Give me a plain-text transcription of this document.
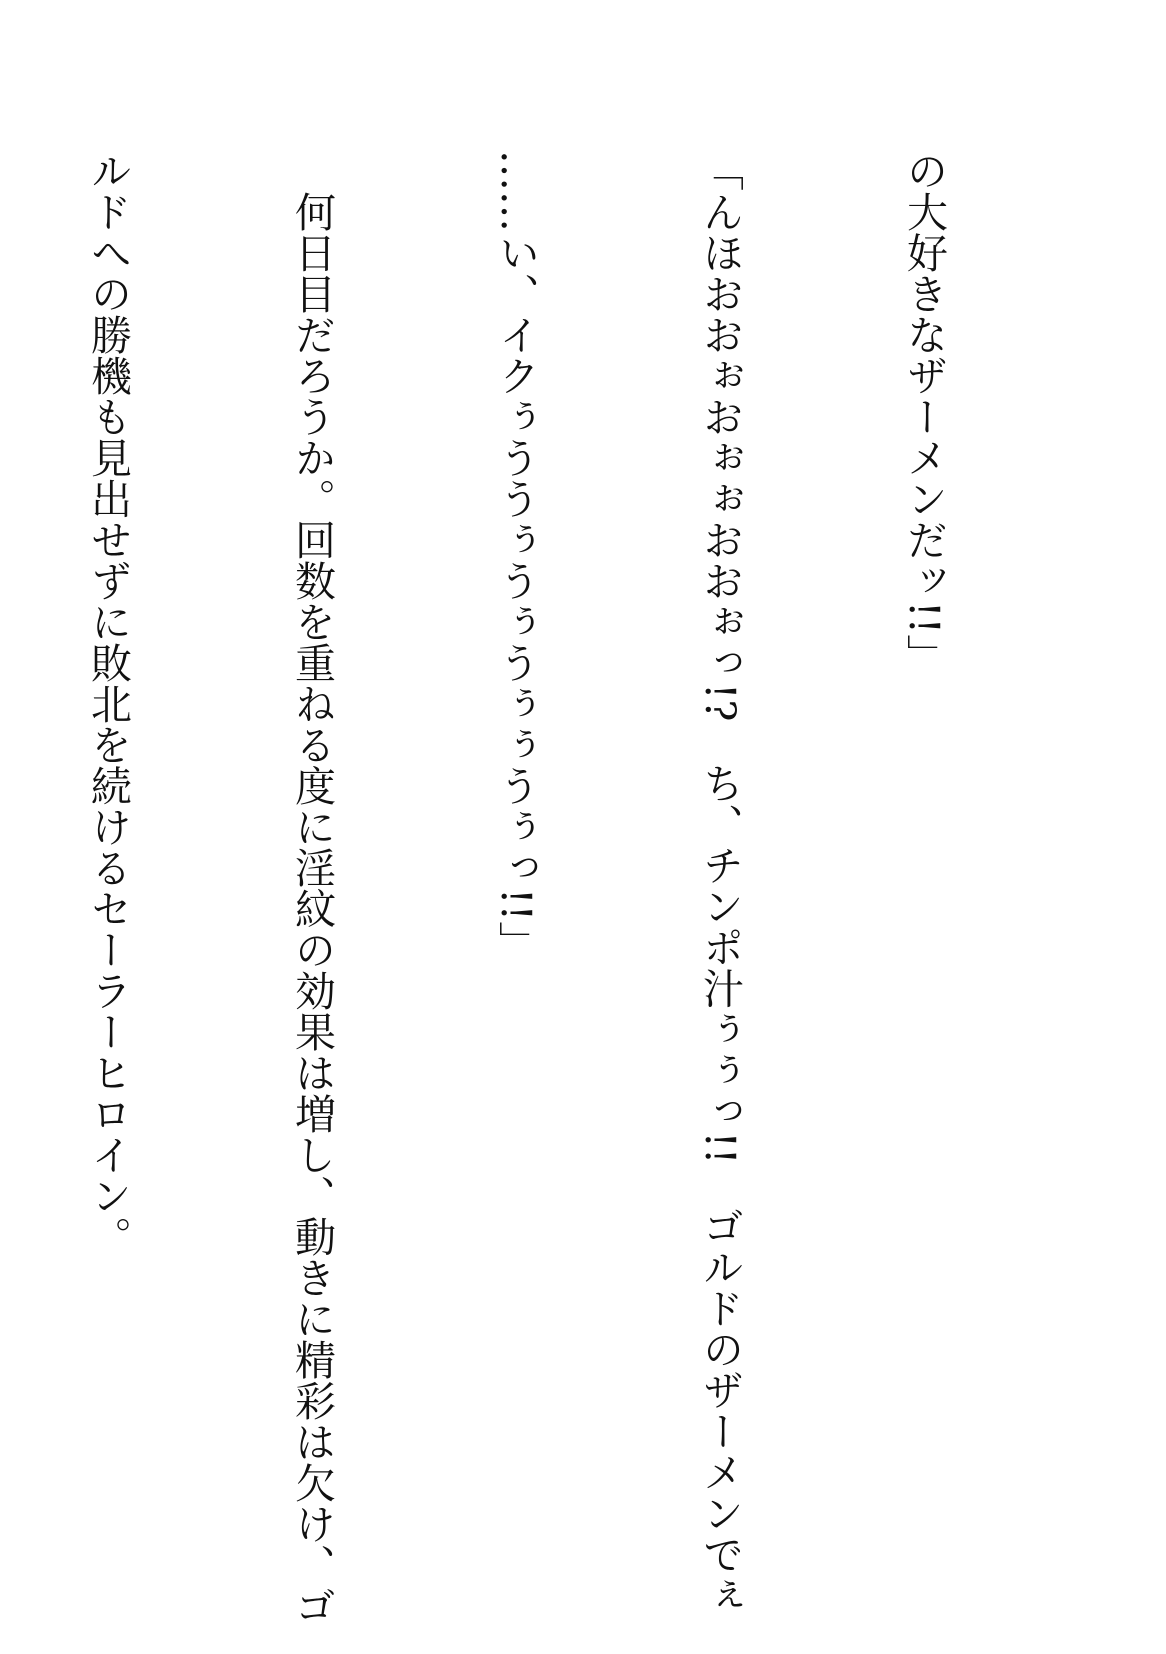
の大好きなザーメンだッ!!」

「んほおおぉおぉぉおおぉっ!?　ち、チンポ汁ぅぅっ!!　ゴルドのザーメンでぇ

……い、イクぅううぅうぅうぅぅうぅっ!!」

　何日目だろうか。回数を重ねる度に淫紋の効果は増し、動きに精彩は欠け、ゴ

ルドへの勝機も見出せずに敗北を続けるセーラーヒロイン。
